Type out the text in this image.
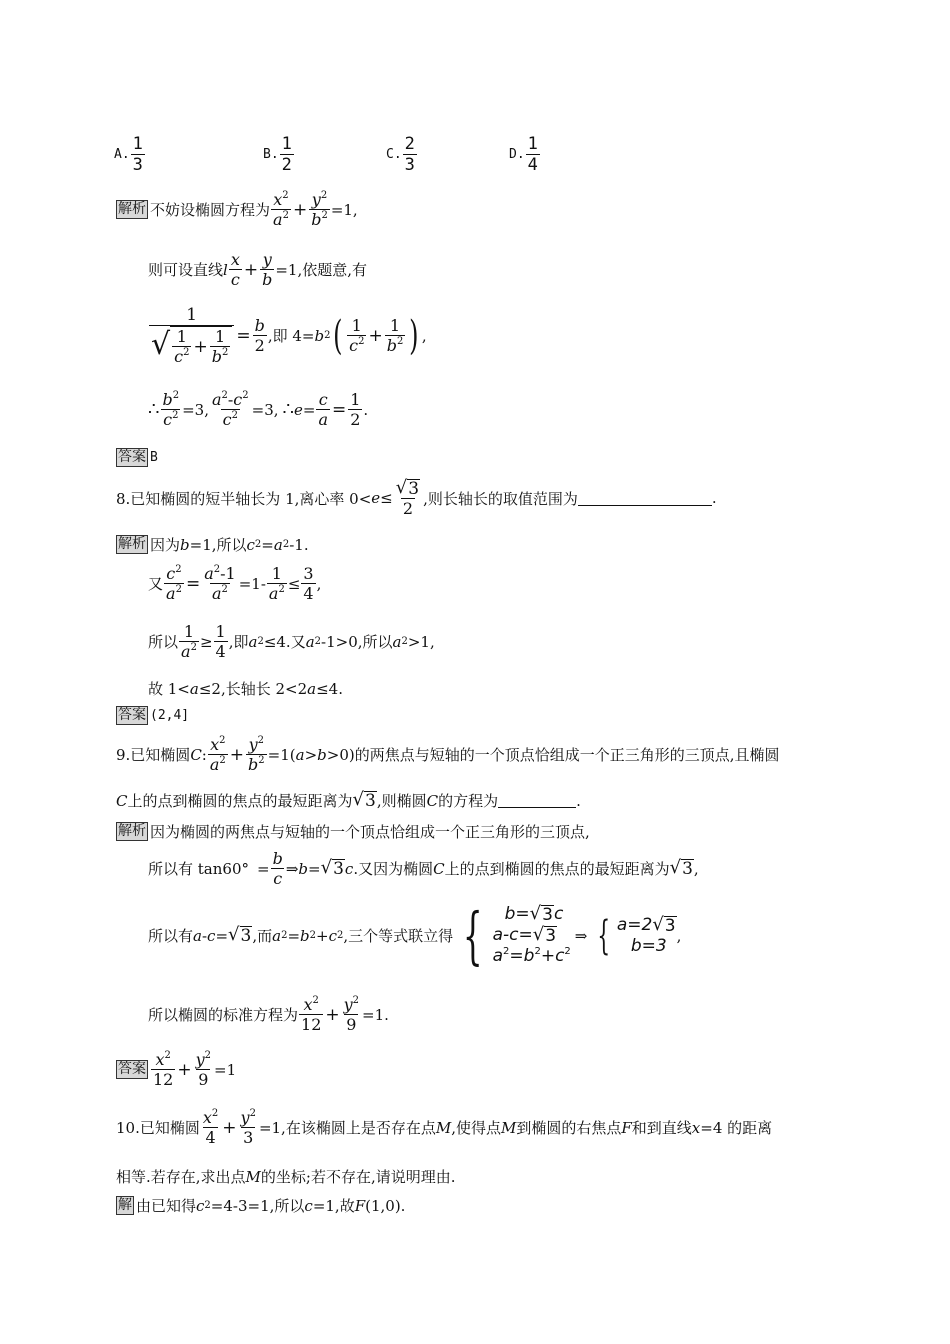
A. $\frac{1}{3}$	B. $\frac{1}{2}$	C. $\frac{2}{3}$	D. $\frac{1}{4}$
解析 不妨设椭圆方程为 $\frac{x^2}{a^2} + \frac{y^2}{b^2} =1$,
则可设直线 l $\frac{x}{c} + \frac{y}{b} =1$,依题意,有
$\frac{1}{√ \frac{1}{c^2} + \frac{1}{b^2}} = \frac{b}{2}$ ,即 4= b 2 ( $\frac{1}{c^2} + \frac{1}{b^2}$ ) ,
∴ $\frac{b^2}{c^2} =3$, $\frac{a^2-c^2}{c^2} =3$, ∴ $e= \frac{c}{a} = \frac{1}{2}$ .
答案 B
8.已知椭圆的短半轴长为 1,离心率 $0< e \le \frac{√ 3}{2}$ ,则长轴长的取值范围为	.
解析 因为 b =1,所以 c 2 = a 2 -1.
又 $\frac{c^2}{a^2} = \frac{a^2-1}{a^2} =1- \frac{1}{a^2} \le \frac{3}{4}$ ,
所以 $\frac{1}{a^2} \ge \frac{1}{4}$ ,即 a 2 ≤4.又 a 2 -1>0,所以 a 2 >1,
故 1< a ≤2,长轴长 2<2 a ≤4.
答案 (2,4]
9.已知椭圆 C : $\frac{x^2}{a^2} + \frac{y^2}{b^2} =1$( a > b >0)的两焦点与短轴的一个顶点恰组成一个正三角形的三顶点,且椭圆
C 上的点到椭圆的焦点的最短距离为 √ 3 ,则椭圆 C 的方程为	.
解析 因为椭圆的两焦点与短轴的一个顶点恰组成一个正三角形的三顶点,
所以有 $\tan 60^\circ = \frac{b}{c}$ ⇒ b = √ 3 c .又因为椭圆 C 上的点到椭圆的焦点的最短距离为 √ 3 ,
所以有 a - c = √ 3 ,而 a 2 = b 2 + c 2 ,三个等式联立得 {	b= √ 3 c
a-c= √ 3
$a^2=b^2+c^2$
⇒ { a=2 √ 3
b=3 ,
所以椭圆的标准方程为 $\frac{x^2}{12} + \frac{y^2}{9} =1$.
答案 $\frac{x^2}{12} + \frac{y^2}{9} =1$
10.已知椭圆 $\frac{x^2}{4} + \frac{y^2}{3} =1$,在该椭圆上是否存在点 M ,使得点 M 到椭圆的右焦点 F 和到直线 x =4 的距离
相等.若存在,求出点 M 的坐标;若不存在,请说明理由.
解 由已知得 c 2 =4-3=1,所以 c =1,故 F (1,0).
